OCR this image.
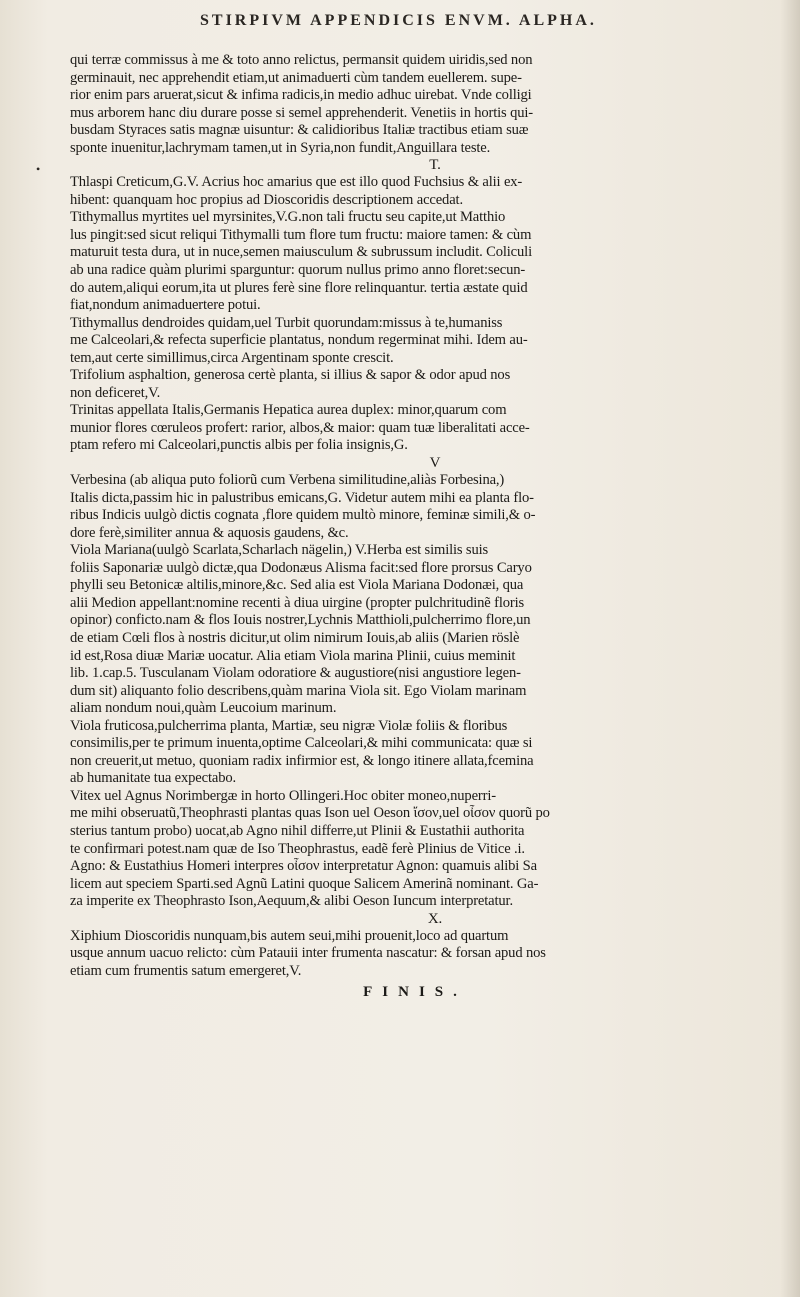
STIRPIVM APPENDICIS ENVM. ALPHA.
•
qui terræ commissus à me & toto anno relictus, permansit quidem uiridis,sed non
germinauit, nec apprehendit etiam,ut animaduerti cùm tandem euellerem. supe-
rior enim pars aruerat,sicut & infima radicis,in medio adhuc uirebat. Vnde colligi
mus arborem hanc diu durare posse si semel apprehenderit. Venetiis in hortis qui-
busdam Styraces satis magnæ uisuntur: & calidioribus Italiæ tractibus etiam suæ
sponte inuenitur,lachrymam tamen,ut in Syria,non fundit,Anguillara teste.
T.
Thlaspi Creticum,G.V. Acrius hoc amarius que est illo quod Fuchsius & alii ex-
hibent: quanquam hoc propius ad Dioscoridis descriptionem accedat.
Tithymallus myrtites uel myrsinites,V.G.non tali fructu seu capite,ut Matthio
lus pingit:sed sicut reliqui Tithymalli tum flore tum fructu: maiore tamen: & cùm
maturuit testa dura, ut in nuce,semen maiusculum & subrussum includit. Coliculi
ab una radice quàm plurimi sparguntur: quorum nullus primo anno floret:secun-
do autem,aliqui eorum,ita ut plures ferè sine flore relinquantur. tertia æstate quid
fiat,nondum animaduertere potui.
Tithymallus dendroides quidam,uel Turbit quorundam:missus à te,humaniss
me Calceolari,& refecta superficie plantatus, nondum regerminat mihi. Idem au-
tem,aut certe simillimus,circa Argentinam sponte crescit.
Trifolium asphaltion, generosa certè planta, si illius & sapor & odor apud nos
non deficeret,V.
Trinitas appellata Italis,Germanis Hepatica aurea duplex: minor,quarum com
munior flores cœruleos profert: rarior, albos,& maior: quam tuæ liberalitati acce-
ptam refero mi Calceolari,punctis albis per folia insignis,G.
V
Verbesina (ab aliqua puto foliorũ cum Verbena similitudine,aliàs Forbesina,)
Italis dicta,passim hic in palustribus emicans,G. Videtur autem mihi ea planta flo-
ribus Indicis uulgò dictis cognata ,flore quidem multò minore, feminæ simili,& o-
dore ferè,similiter annua & aquosis gaudens, &c.
Viola Mariana(uulgò Scarlata,Scharlach nägelin,) V.Herba est similis suis
foliis Saponariæ uulgò dictæ,qua Dodonæus Alisma facit:sed flore prorsus Caryo
phylli seu Betonicæ altilis,minore,&c. Sed alia est Viola Mariana Dodonæi, qua
alii Medion appellant:nomine recenti à diua uirgine (propter pulchritudinẽ floris
opinor) conficto.nam & flos Iouis nostrer,Lychnis Matthioli,pulcherrimo flore,un
de etiam Cœli flos à nostris dicitur,ut olim nimirum Iouis,ab aliis (Marien röslè
id est,Rosa diuæ Mariæ uocatur. Alia etiam Viola marina Plinii, cuius meminit
lib. 1.cap.5. Tusculanam Violam odoratiore & augustiore(nisi angustiore legen-
dum sit) aliquanto folio describens,quàm marina Viola sit. Ego Violam marinam
aliam nondum noui,quàm Leucoium marinum.
Viola fruticosa,pulcherrima planta, Martiæ, seu nigræ Violæ foliis & floribus
consimilis,per te primum inuenta,optime Calceolari,& mihi communicata: quæ si
non creuerit,ut metuo, quoniam radix infirmior est, & longo itinere allata,fcemina
ab humanitate tua expectabo.
Vitex uel Agnus Norimbergæ in horto Ollingeri.Hoc obiter moneo,nuperri-
me mihi obseruatũ,Theophrasti plantas quas Ison uel Oeson ἴσον,uel οἶσον quorũ po
sterius tantum probo) uocat,ab Agno nihil differre,ut Plinii & Eustathii authorita
te confirmari potest.nam quæ de Iso Theophrastus, eadẽ ferè Plinius de Vitice .i.
Agno: & Eustathius Homeri interpres οἶσον interpretatur Agnon: quamuis alibi Sa
licem aut speciem Sparti.sed Agnũ Latini quoque Salicem Amerinã nominant. Ga-
za imperite ex Theophrasto Ison,Aequum,& alibi Oeson Iuncum interpretatur.
X.
Xiphium Dioscoridis nunquam,bis autem seui,mihi prouenit,loco ad quartum
usque annum uacuo relicto: cùm Patauii inter frumenta nascatur: & forsan apud nos
etiam cum frumentis satum emergeret,V.
FINIS.
